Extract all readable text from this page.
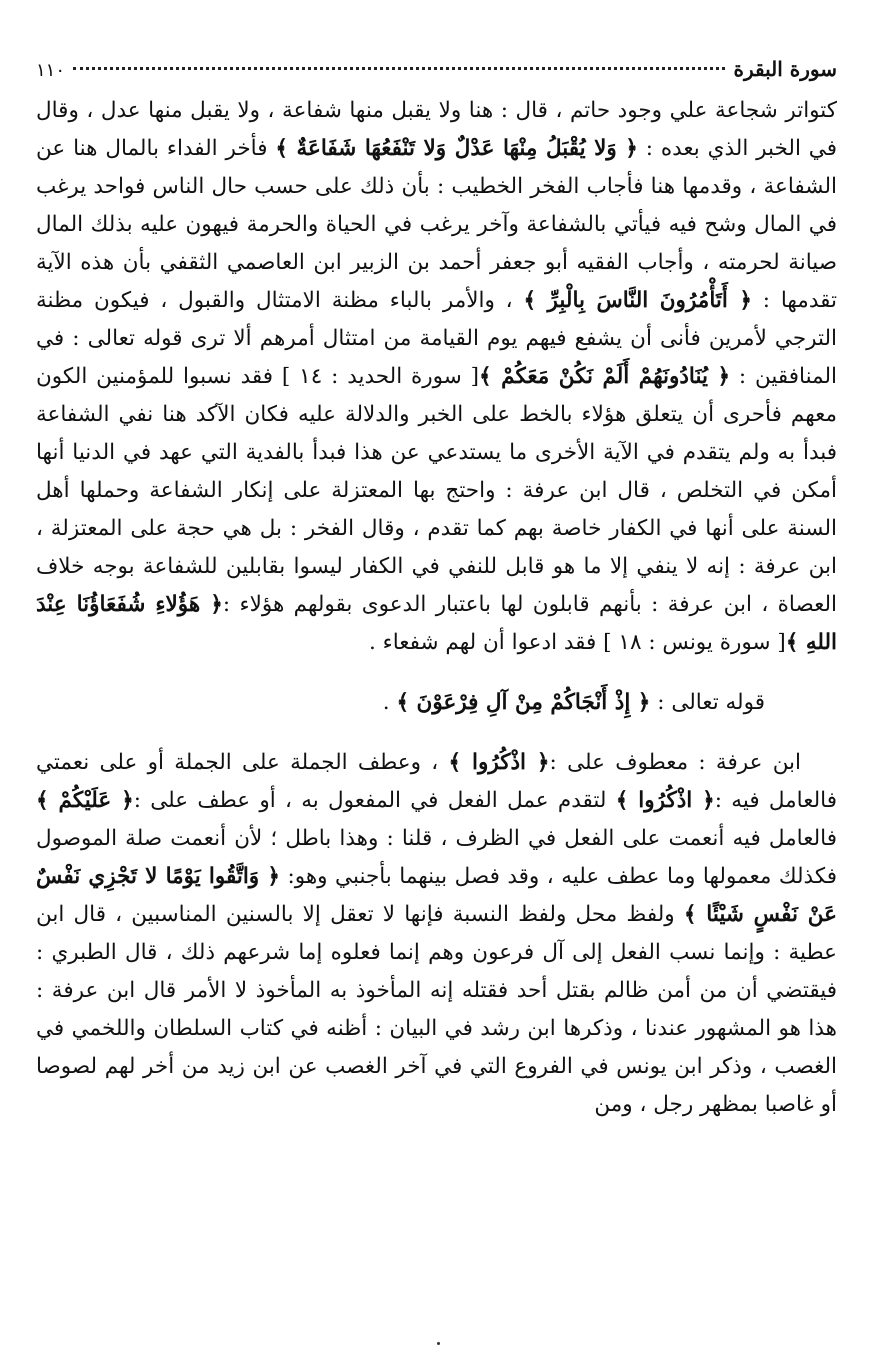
سورة البقرة
١١٠

كتواتر شجاعة علي وجود حاتم ، قال : هنا ولا يقبل منها شفاعة ، ولا يقبل منها عدل ، وقال في الخبر الذي بعده : ﴿ وَلا يُقْبَلُ مِنْهَا عَدْلٌ وَلا تَنْفَعُهَا شَفَاعَةٌ ﴾ فأخر الفداء بالمال هنا عن الشفاعة ، وقدمها هنا فأجاب الفخر الخطيب : بأن ذلك على حسب حال الناس فواحد يرغب في المال وشح فيه فيأتي بالشفاعة وآخر يرغب في الحياة والحرمة فيهون عليه بذلك المال صيانة لحرمته ، وأجاب الفقيه أبو جعفر أحمد بن الزبير ابن العاصمي الثقفي بأن هذه الآية تقدمها : ﴿ أَتَأْمُرُونَ النَّاسَ بِالْبِرِّ ﴾ ، والأمر بالباء مظنة الامتثال والقبول ، فيكون مظنة الترجي لأمرين فأنى أن يشفع فيهم يوم القيامة من امتثال أمرهم ألا ترى قوله تعالى : في المنافقين : ﴿ يُنَادُونَهُمْ أَلَمْ نَكُنْ مَعَكُمْ ﴾[ سورة الحديد : ١٤ ] فقد نسبوا للمؤمنين الكون معهم فأحرى أن يتعلق هؤلاء بالخط على الخبر والدلالة عليه فكان الآكد هنا نفي الشفاعة فبدأ به ولم يتقدم في الآية الأخرى ما يستدعي عن هذا فبدأ بالفدية التي عهد في الدنيا أنها أمكن في التخلص ، قال ابن عرفة : واحتج بها المعتزلة على إنكار الشفاعة وحملها أهل السنة على أنها في الكفار خاصة بهم كما تقدم ، وقال الفخر : بل هي حجة على المعتزلة ، ابن عرفة : إنه لا ينفي إلا ما هو قابل للنفي في الكفار ليسوا بقابلين للشفاعة بوجه خلاف العصاة ، ابن عرفة : بأنهم قابلون لها باعتبار الدعوى بقولهم هؤلاء :﴿ هَؤُلاءِ شُفَعَاؤُنَا عِنْدَ اللهِ ﴾[ سورة يونس : ١٨ ] فقد ادعوا أن لهم شفعاء .

قوله تعالى : ﴿ إِذْ أَنْجَاكُمْ مِنْ آلِ فِرْعَوْنَ ﴾ .

ابن عرفة : معطوف على :﴿ اذْكُرُوا ﴾ ، وعطف الجملة على الجملة أو على نعمتي فالعامل فيه :﴿ اذْكُرُوا ﴾ لتقدم عمل الفعل في المفعول به ، أو عطف على :﴿ عَلَيْكُمْ ﴾ فالعامل فيه أنعمت على الفعل في الظرف ، قلنا : وهذا باطل ؛ لأن أنعمت صلة الموصول فكذلك معمولها وما عطف عليه ، وقد فصل بينهما بأجنبي وهو: ﴿ وَاتَّقُوا يَوْمًا لا تَجْزِي نَفْسٌ عَنْ نَفْسٍ شَيْئًا ﴾ ولفظ محل ولفظ النسبة فإنها لا تعقل إلا بالسنين المناسبين ، قال ابن عطية : وإنما نسب الفعل إلى آل فرعون وهم إنما فعلوه إما شرعهم ذلك ، قال الطبري : فيقتضي أن من أمن ظالم بقتل أحد فقتله إنه المأخوذ به المأخوذ لا الأمر قال ابن عرفة : هذا هو المشهور عندنا ، وذكرها ابن رشد في البيان : أظنه في كتاب السلطان واللخمي في الغصب ، وذكر ابن يونس في الفروع التي في آخر الغصب عن ابن زيد من أخر لهم لصوصا أو غاصبا بمظهر رجل ، ومن
